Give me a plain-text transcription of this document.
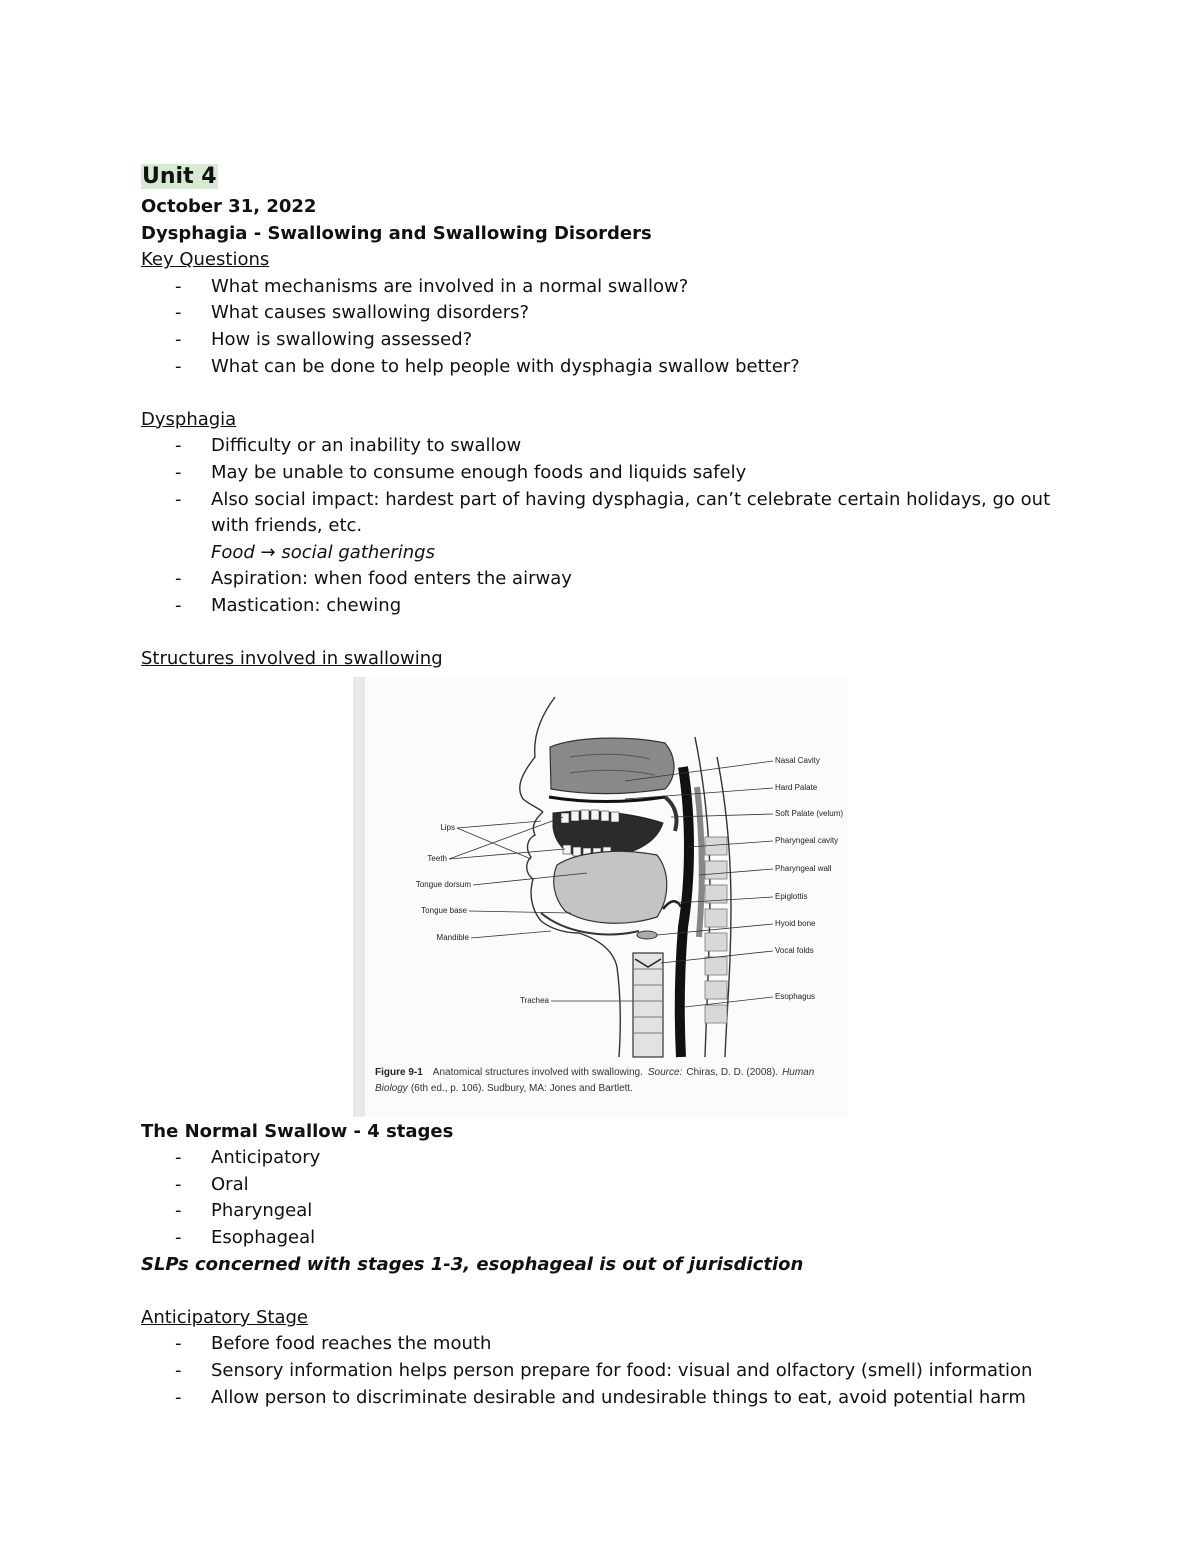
Unit 4
October 31, 2022
Dysphagia - Swallowing and Swallowing Disorders
Key Questions
- What mechanisms are involved in a normal swallow?
- What causes swallowing disorders?
- How is swallowing assessed?
- What can be done to help people with dysphagia swallow better?
Dysphagia
- Difficulty or an inability to swallow
- May be unable to consume enough foods and liquids safely
- Also social impact: hardest part of having dysphagia, can’t celebrate certain holidays, go out with friends, etc.
Food → social gatherings
- Aspiration: when food enters the airway
- Mastication: chewing
Structures involved in swallowing
Lips
Teeth
Tongue dorsum
Tongue base
Mandible
Trachea
Nasal Cavity
Hard Palate
Soft Palate (velum)
Pharyngeal cavity
Pharyngeal wall
Epiglottis
Hyoid bone
Vocal folds
Esophagus
Figure 9-1 Anatomical structures involved with swallowing. Source: Chiras, D. D. (2008). Human
Biology (6th ed., p. 106). Sudbury, MA: Jones and Bartlett.
The Normal Swallow - 4 stages
- Anticipatory
- Oral
- Pharyngeal
- Esophageal
SLPs concerned with stages 1-3, esophageal is out of jurisdiction
Anticipatory Stage
- Before food reaches the mouth
- Sensory information helps person prepare for food: visual and olfactory (smell) information
- Allow person to discriminate desirable and undesirable things to eat, avoid potential harm
